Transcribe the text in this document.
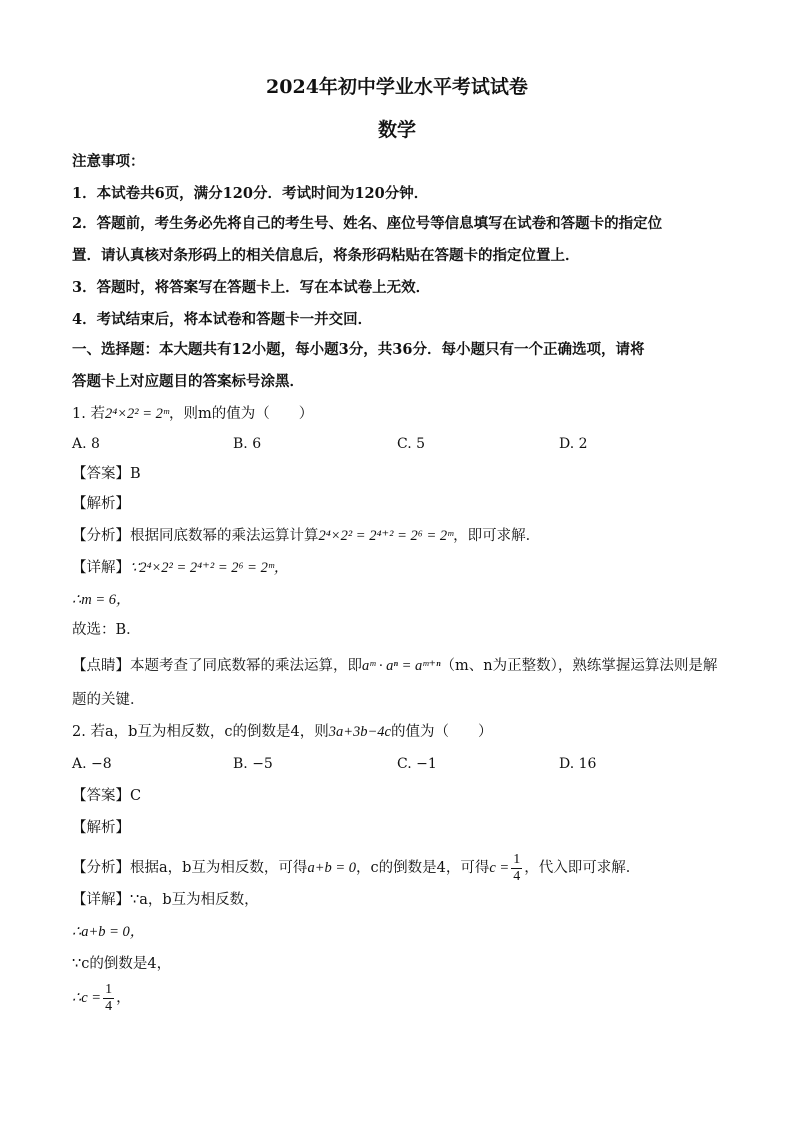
2024年初中学业水平考试试卷
数学
注意事项：
1．本试卷共6页，满分120分．考试时间为120分钟．
2．答题前，考生务必先将自己的考生号、姓名、座位号等信息填写在试卷和答题卡的指定位
置．请认真核对条形码上的相关信息后，将条形码粘贴在答题卡的指定位置上．
3．答题时，将答案写在答题卡上．写在本试卷上无效．
4．考试结束后，将本试卷和答题卡一并交回．
一、选择题：本大题共有12小题，每小题3分，共36分．每小题只有一个正确选项，请将
答题卡上对应题目的答案标号涂黑．
1. 若2⁴×2² = 2ᵐ，则m的值为（　　）
A. 8	B. 6	C. 5	D. 2
【答案】B
【解析】
【分析】根据同底数幂的乘法运算计算2⁴×2² = 2⁴⁺² = 2⁶ = 2ᵐ，即可求解．
【详解】∵2⁴×2² = 2⁴⁺² = 2⁶ = 2ᵐ，
∴m = 6，
故选：B．
【点睛】本题考查了同底数幂的乘法运算，即aᵐ · aⁿ = aᵐ⁺ⁿ（m、n为正整数），熟练掌握运算法则是解
题的关键．
2. 若a，b互为相反数，c的倒数是4，则3a+3b−4c的值为（　　）
A. −8	B. −5	C. −1	D. 16
【答案】C
【解析】
【分析】根据a，b互为相反数，可得a+b = 0，c的倒数是4，可得$c = \frac{1}{4}$ ，代入即可求解．
【详解】∵a，b互为相反数，
∴a+b = 0，
∵c的倒数是4，
∴c = $\frac{1}{4}$ ，
